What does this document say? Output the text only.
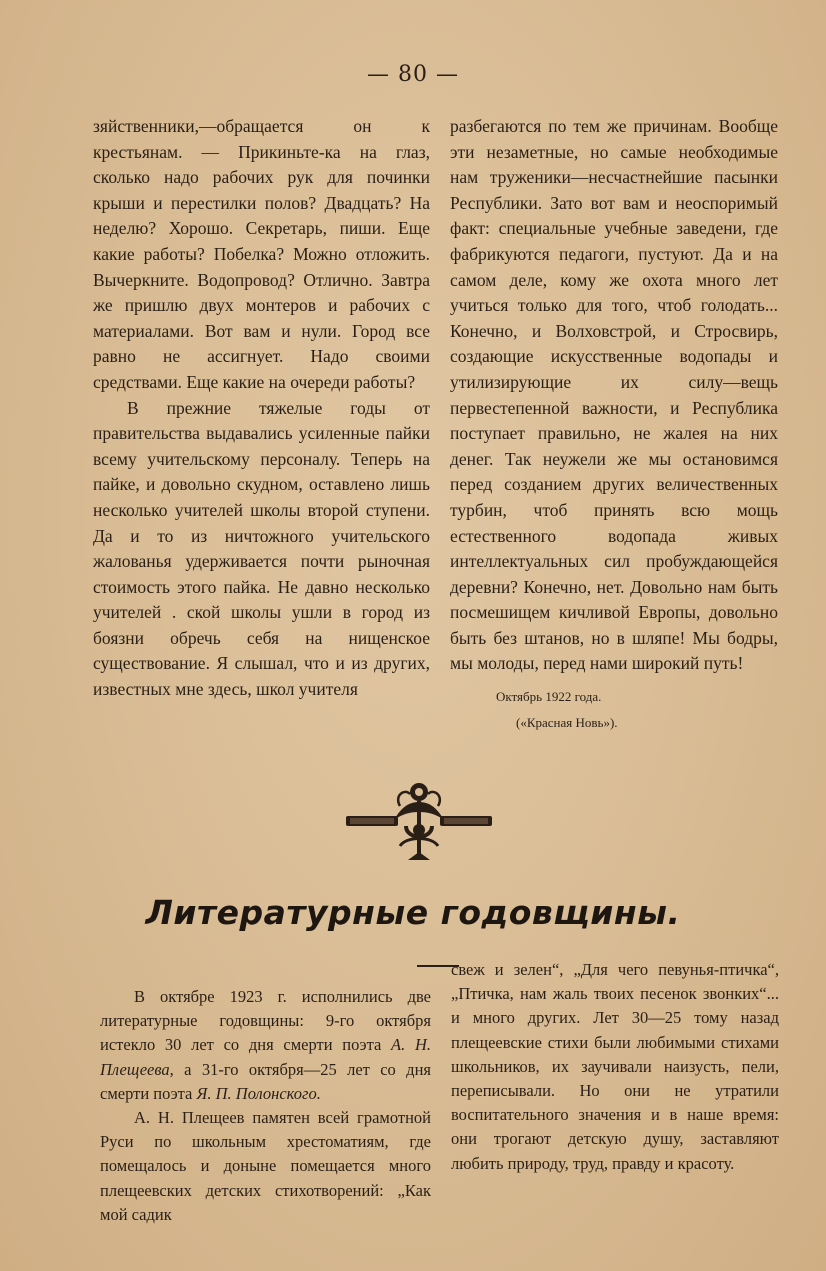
— 80 —

зяйственники,—обращается он к крестьянам. — Прикиньте-ка на глаз, сколько надо рабочих рук для починки крыши и перестилки полов? Двадцать? На неделю? Хорошо. Секретарь, пиши. Еще какие работы? Побелка? Можно отложить. Вычеркните. Водопровод? Отлично. Завтра же пришлю двух монтеров и рабочих с материалами. Вот вам и нули. Город все равно не ассигнует. Надо своими средствами. Еще какие на очереди работы?

В прежние тяжелые годы от правительства выдавались усиленные пайки всему учительскому персоналу. Теперь на пайке, и довольно скудном, оставлено лишь несколько учителей школы второй ступени. Да и то из ничтожного учительского жалованья удерживается почти рыночная стоимость этого пайка. Не давно несколько учителей . ской школы ушли в город из боязни обречь себя на нищенское существование. Я слышал, что и из других, известных мне здесь, школ учителя

разбегаются по тем же причинам. Вообще эти незаметные, но самые необходимые нам труженики—несчастнейшие пасынки Республики. Зато вот вам и неоспоримый факт: специальные учебные заведени, где фабрикуются педагоги, пустуют. Да и на самом деле, кому же охота много лет учиться только для того, чтоб голодать... Конечно, и Волховстрой, и Стросвирь, создающие искусственные водопады и утилизирующие их силу—вещь первестепенной важности, и Республика поступает правильно, не жалея на них денег. Так неужели же мы остановимся перед созданием других величественных турбин, чтоб принять всю мощь естественного водопада живых интеллектуальных сил пробуждающейся деревни? Конечно, нет. Довольно нам быть посмешищем кичливой Европы, довольно быть без штанов, но в шляпе! Мы бодры, мы молоды, перед нами широкий путь!

Октябрь 1922 года.
(«Красная Новь»).
Литературные годовщины.

В октябре 1923 г. исполнились две литературные годовщины: 9-го октября истекло 30 лет со дня смерти поэта А. Н. Плещеева, а 31-го октября—25 лет со дня смерти поэта Я. П. Полонского.

А. Н. Плещеев памятен всей грамотной Руси по школьным хрестоматиям, где помещалось и доныне помещается много плещеевских детских стихотворений: „Как мой садик

свеж и зелен“, „Для чего певунья-птичка“, „Птичка, нам жаль твоих песенок звонких“... и много других. Лет 30—25 тому назад плещеевские стихи были любимыми стихами школьников, их заучивали наизусть, пели, переписывали. Но они не утратили воспитательного значения и в наше время: они трогают детскую душу, заставляют любить природу, труд, правду и красоту.
